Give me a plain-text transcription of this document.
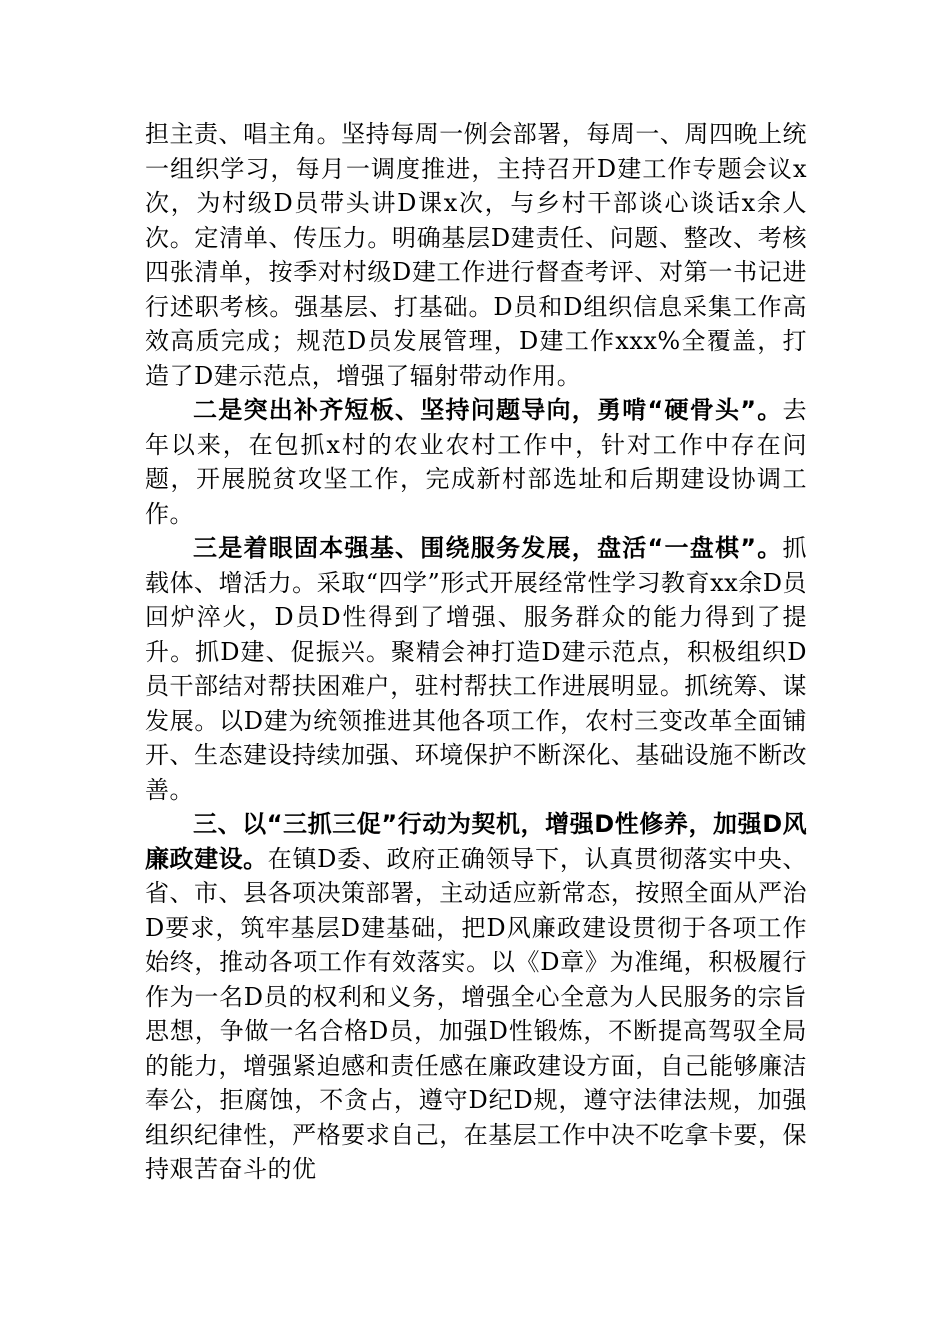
担主责、唱主角。坚持每周一例会部署，每周一、周四晚上统一组织学习，每月一调度推进，主持召开D建工作专题会议x次，为村级D员带头讲D课x次，与乡村干部谈心谈话x余人次。定清单、传压力。明确基层D建责任、问题、整改、考核四张清单，按季对村级D建工作进行督查考评、对第一书记进行述职考核。强基层、打基础。D员和D组织信息采集工作高效高质完成；规范D员发展管理，D建工作xxx%全覆盖，打造了D建示范点，增强了辐射带动作用。

二是突出补齐短板、坚持问题导向，勇啃“硬骨头”。去年以来，在包抓x村的农业农村工作中，针对工作中存在问题，开展脱贫攻坚工作，完成新村部选址和后期建设协调工作。

三是着眼固本强基、围绕服务发展，盘活“一盘棋”。抓载体、增活力。采取“四学”形式开展经常性学习教育xx余D员回炉淬火，D员D性得到了增强、服务群众的能力得到了提升。抓D建、促振兴。聚精会神打造D建示范点，积极组织D员干部结对帮扶困难户，驻村帮扶工作进展明显。抓统筹、谋发展。以D建为统领推进其他各项工作，农村三变改革全面铺开、生态建设持续加强、环境保护不断深化、基础设施不断改善。

三、以“三抓三促”行动为契机，增强D性修养，加强D风廉政建设。在镇D委、政府正确领导下，认真贯彻落实中央、省、市、县各项决策部署，主动适应新常态，按照全面从严治D要求，筑牢基层D建基础，把D风廉政建设贯彻于各项工作始终，推动各项工作有效落实。以《D章》为准绳，积极履行作为一名D员的权利和义务，增强全心全意为人民服务的宗旨思想，争做一名合格D员，加强D性锻炼，不断提高驾驭全局的能力，增强紧迫感和责任感在廉政建设方面，自己能够廉洁奉公，拒腐蚀，不贪占，遵守D纪D规，遵守法律法规，加强组织纪律性，严格要求自己，在基层工作中决不吃拿卡要，保持艰苦奋斗的优
